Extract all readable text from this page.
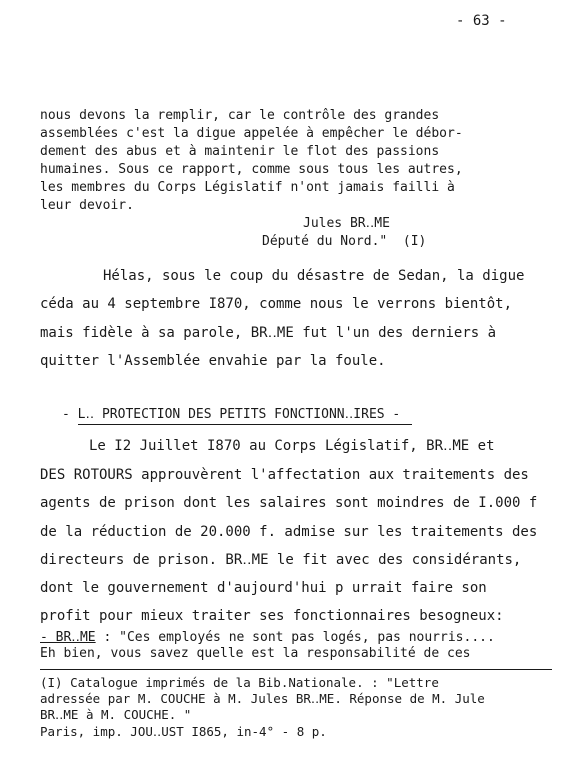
- 63 -
nous devons la remplir, car le contrôle des grandes
assemblées c'est la digue appelée à empêcher le débor-
dement des abus et à maintenir le flot des passions
humaines. Sous ce rapport, comme sous tous les autres,
les membres du Corps Législatif n'ont jamais failli à
leur devoir.
Jules BR‥ME
Député du Nord."  (I)
Hélas, sous le coup du désastre de Sedan, la digue
céda au 4 septembre I870, comme nous le verrons bientôt,
mais fidèle à sa parole, BR‥ME fut l'un des derniers à
quitter l'Assemblée envahie par la foule.
- L‥ PROTECTION DES PETITS FONCTIONN‥IRES -
Le I2 Juillet I870 au Corps Législatif, BR‥ME et
DES ROTOURS approuvèrent l'affectation aux traitements des
agents de prison dont les salaires sont moindres de I.000 f
de la réduction de 20.000 f. admise sur les traitements des
directeurs de prison. BR‥ME le fit avec des considérants,
dont le gouvernement d'aujourd'hui p urrait faire son
profit pour mieux traiter ses fonctionnaires besogneux:
- BR‥ME : "Ces employés ne sont pas logés, pas nourris....
Eh bien, vous savez quelle est la responsabilité de ces
(I) Catalogue imprimés de la Bib.Nationale. : "Lettre
adressée par M. COUCHE à M. Jules BR‥ME. Réponse de M. Jule
BR‥ME à M. COUCHE. "
Paris, imp. JOU‥UST I865, in-4° - 8 p.
